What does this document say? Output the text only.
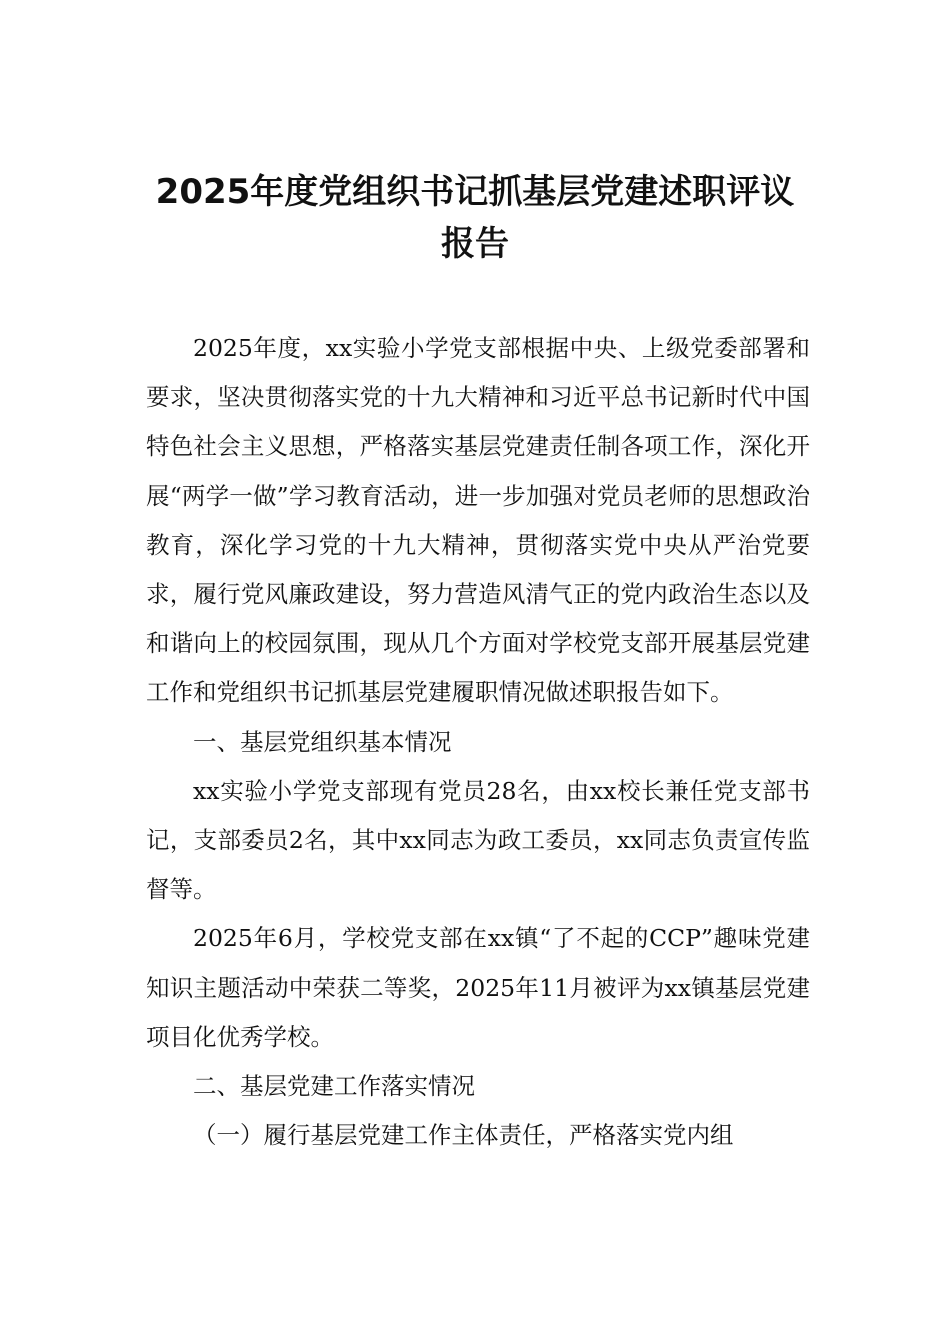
2025年度党组织书记抓基层党建述职评议报告

2025年度，xx实验小学党支部根据中央、上级党委部署和要求，坚决贯彻落实党的十九大精神和习近平总书记新时代中国特色社会主义思想，严格落实基层党建责任制各项工作，深化开展“两学一做”学习教育活动，进一步加强对党员老师的思想政治教育，深化学习党的十九大精神，贯彻落实党中央从严治党要求，履行党风廉政建设，努力营造风清气正的党内政治生态以及和谐向上的校园氛围，现从几个方面对学校党支部开展基层党建工作和党组织书记抓基层党建履职情况做述职报告如下。

一、基层党组织基本情况

xx实验小学党支部现有党员28名，由xx校长兼任党支部书记，支部委员2名，其中xx同志为政工委员，xx同志负责宣传监督等。

2025年6月，学校党支部在xx镇“了不起的CCP”趣味党建知识主题活动中荣获二等奖，2025年11月被评为xx镇基层党建项目化优秀学校。

二、基层党建工作落实情况

（一）履行基层党建工作主体责任，严格落实党内组
